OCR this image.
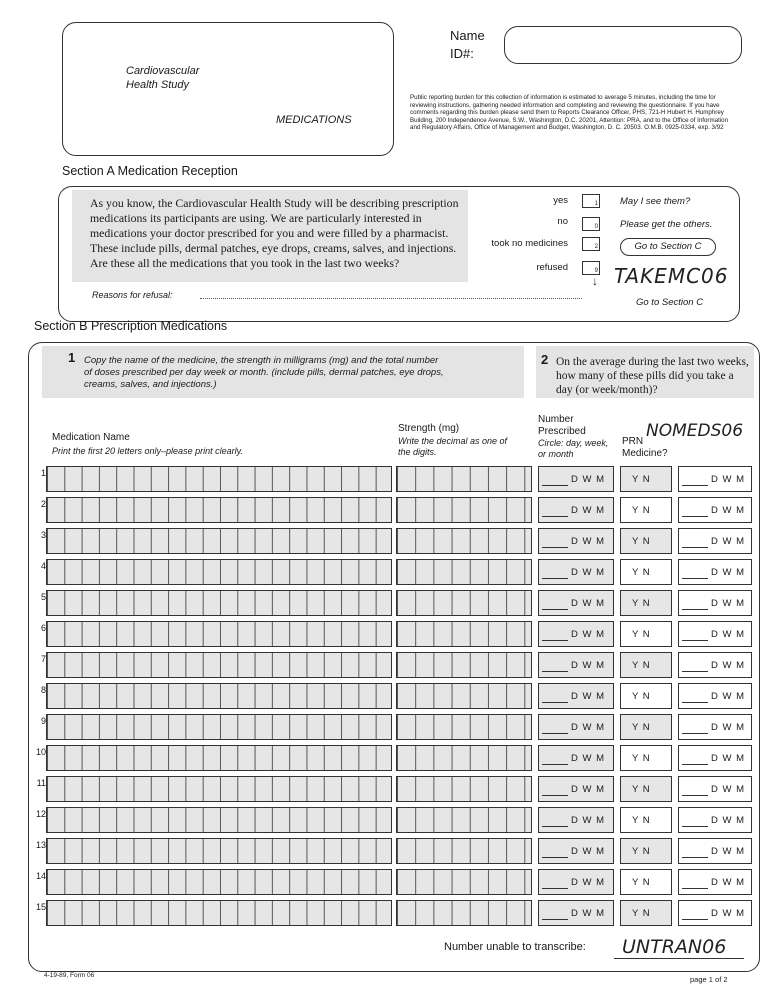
Cardiovascular
Health Study
MEDICATIONS
Name
ID#:
Public reporting burden for this collection of information is estimated to average 5 minutes, including the time for reviewing instructions, gathering needed information and completing and reviewing the questionnaire. If you have comments regarding this burden please send them to Reports Clearance Officer, PHS, 721-H Hubert H. Humphrey Building, 200 Independence Avenue, S.W., Washington, D.C. 20201, Attention: PRA, and to the Office of Information and Regulatory Affairs, Office of Management and Budget, Washington, D. C. 20503. O.M.B. 0925-0334, exp. 3/92
Section A Medication Reception
As you know, the Cardiovascular Health Study will be describing prescription medications its participants are using. We are particularly interested in medications your doctor prescribed for you and were filled by a pharmacist. These include pills, dermal patches, eye drops, creams, salves, and injections. Are these all the medications that you took in the last two weeks?
yes	1 May I see them?
no	0 Please get the others.
took no medicines	2	Go to Section C
refused	9
↓ TAKEMC06
Reasons for refusal:
Go to Section C
Section B Prescription Medications
1 Copy the name of the medicine, the strength in milligrams (mg) and the total number of doses prescribed per day week or month. (include pills, dermal patches, eye drops, creams, salves, and injections.)
2 On the average during the last two weeks, how many of these pills did you take a day (or week/month)?
NOMEDS06
Medication Name
Print the first 20 letters only–please print clearly.
Strength (mg)
Write the decimal as one of the digits.
Number Prescribed
Circle: day, week, or month
PRN Medicine?
1
D W M	Y N	D W M
2
D W M	Y N	D W M
3
D W M	Y N	D W M
4
D W M	Y N	D W M
5
D W M	Y N	D W M
6
D W M	Y N	D W M
7
D W M	Y N	D W M
8
D W M	Y N	D W M
9
D W M	Y N	D W M
10
D W M	Y N	D W M
11
D W M	Y N	D W M
12
D W M	Y N	D W M
13
D W M	Y N	D W M
14
D W M	Y N	D W M
15
D W M	Y N	D W M
Number unable to transcribe: UNTRAN06
4-19-89, Form 06	page 1 of 2
